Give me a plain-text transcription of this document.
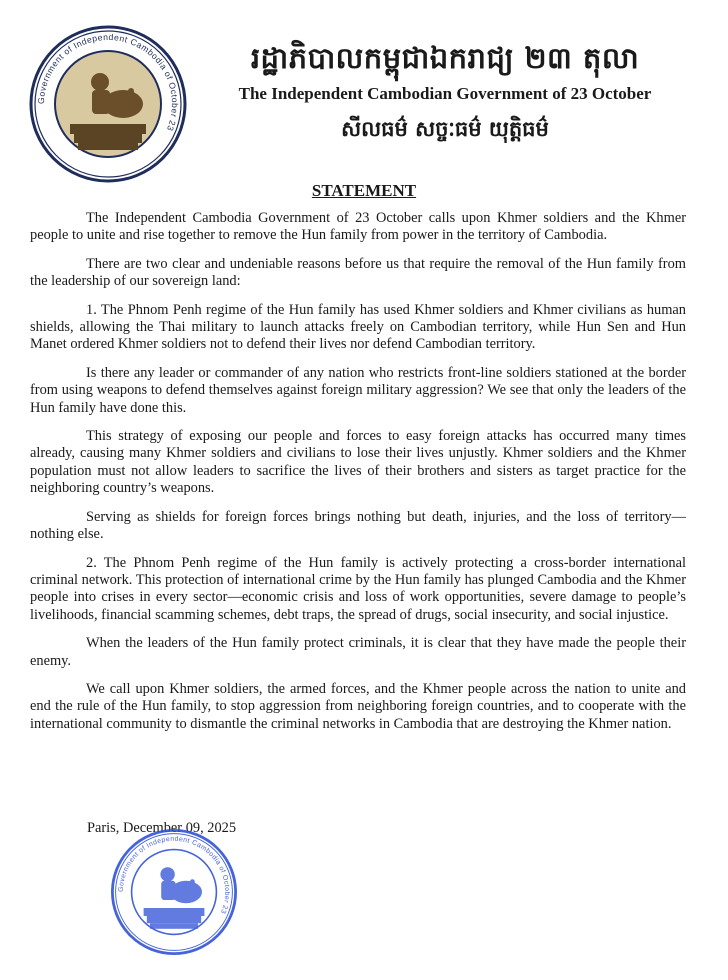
Government of Independent Cambodia of October 23
រដ្ឋាភិបាលកម្ពុជាឯករាជ្យ ២៣ តុលា
The Independent Cambodian Government of 23 October
សីលធម៌ សច្ចៈធម៌ យុត្តិធម៌
STATEMENT

The Independent Cambodia Government of 23 October calls upon Khmer soldiers and the Khmer people to unite and rise together to remove the Hun family from power in the territory of Cambodia.

There are two clear and undeniable reasons before us that require the removal of the Hun family from the leadership of our sovereign land:

1. The Phnom Penh regime of the Hun family has used Khmer soldiers and Khmer civilians as human shields, allowing the Thai military to launch attacks freely on Cambodian territory, while Hun Sen and Hun Manet ordered Khmer soldiers not to defend their lives nor defend Cambodian territory.

Is there any leader or commander of any nation who restricts front-line soldiers stationed at the border from using weapons to defend themselves against foreign military aggression? We see that only the leaders of the Hun family have done this.

This strategy of exposing our people and forces to easy foreign attacks has occurred many times already, causing many Khmer soldiers and civilians to lose their lives unjustly. Khmer soldiers and the Khmer population must not allow leaders to sacrifice the lives of their brothers and sisters as target practice for the neighboring country’s weapons.

Serving as shields for foreign forces brings nothing but death, injuries, and the loss of territory—nothing else.

2. The Phnom Penh regime of the Hun family is actively protecting a cross-border international criminal network. This protection of international crime by the Hun family has plunged Cambodia and the Khmer people into crises in every sector—economic crisis and loss of work opportunities, severe damage to people’s livelihoods, financial scamming schemes, debt traps, the spread of drugs, social insecurity, and social injustice.

When the leaders of the Hun family protect criminals, it is clear that they have made the people their enemy.

We call upon Khmer soldiers, the armed forces, and the Khmer people across the nation to unite and end the rule of the Hun family, to stop aggression from neighboring foreign countries, and to cooperate with the international community to dismantle the criminal networks in Cambodia that are destroying the Khmer nation.

Paris, December 09, 2025
Government of Independent Cambodia of October 23
